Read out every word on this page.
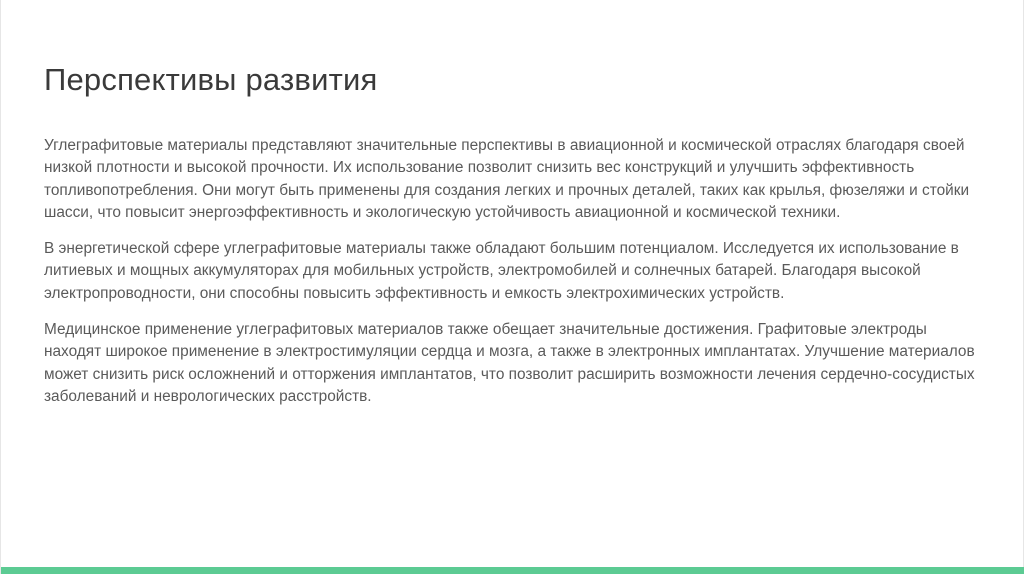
Перспективы развития

Углеграфитовые материалы представляют значительные перспективы в авиационной и космической отраслях благодаря своей низкой плотности и высокой прочности. Их использование позволит снизить вес конструкций и улучшить эффективность топливопотребления. Они могут быть применены для создания легких и прочных деталей, таких как крылья, фюзеляжи и стойки шасси, что повысит энергоэффективность и экологическую устойчивость авиационной и космической техники.

В энергетической сфере углеграфитовые материалы также обладают большим потенциалом. Исследуется их использование в литиевых и мощных аккумуляторах для мобильных устройств, электромобилей и солнечных батарей. Благодаря высокой электропроводности, они способны повысить эффективность и емкость электрохимических устройств.

Медицинское применение углеграфитовых материалов также обещает значительные достижения. Графитовые электроды находят широкое применение в электростимуляции сердца и мозга, а также в электронных имплантатах. Улучшение материалов может снизить риск осложнений и отторжения имплантатов, что позволит расширить возможности лечения сердечно-сосудистых заболеваний и неврологических расстройств.
